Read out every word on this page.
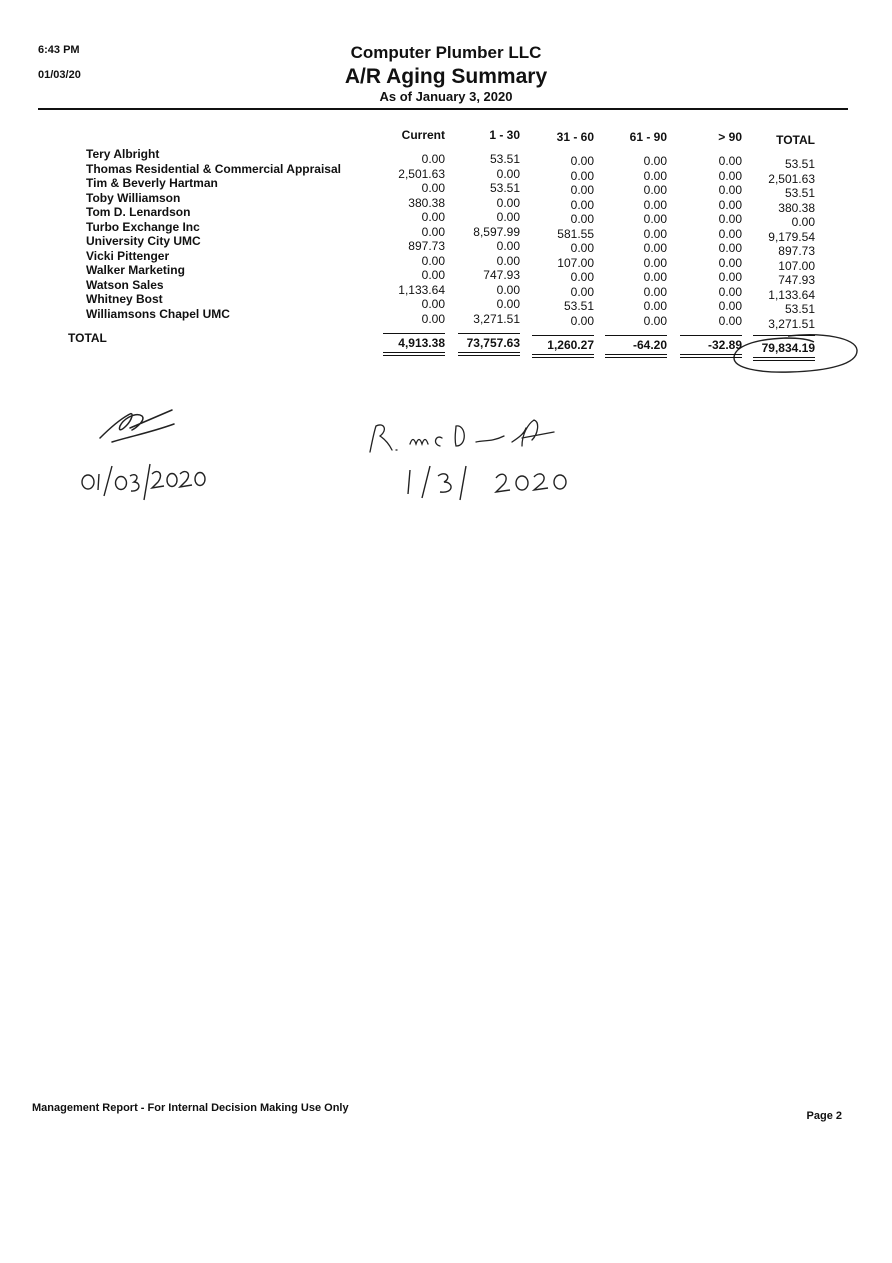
6:43 PM
01/03/20
Computer Plumber LLC
A/R Aging Summary
As of January 3, 2020
Management Report - For Internal Decision Making Use Only
Page 2
Current	1 - 30	31 - 60	61 - 90	> 90	TOTAL
Tery Albright	0.00	53.51	0.00	0.00	0.00	53.51
Thomas Residential & Commercial Appraisal	2,501.63	0.00	0.00	0.00	0.00	2,501.63
Tim & Beverly Hartman	0.00	53.51	0.00	0.00	0.00	53.51
Toby Williamson	380.38	0.00	0.00	0.00	0.00	380.38
Tom D. Lenardson	0.00	0.00	0.00	0.00	0.00	0.00
Turbo Exchange Inc	0.00	8,597.99	581.55	0.00	0.00	9,179.54
University City UMC	897.73	0.00	0.00	0.00	0.00	897.73
Vicki Pittenger	0.00	0.00	107.00	0.00	0.00	107.00
Walker Marketing	0.00	747.93	0.00	0.00	0.00	747.93
Watson Sales	1,133.64	0.00	0.00	0.00	0.00	1,133.64
Whitney Bost	0.00	0.00	53.51	0.00	0.00	53.51
Williamsons Chapel UMC	0.00	3,271.51	0.00	0.00	0.00	3,271.51
TOTAL	4,913.38	73,757.63	1,260.27	-64.20	-32.89	79,834.19
